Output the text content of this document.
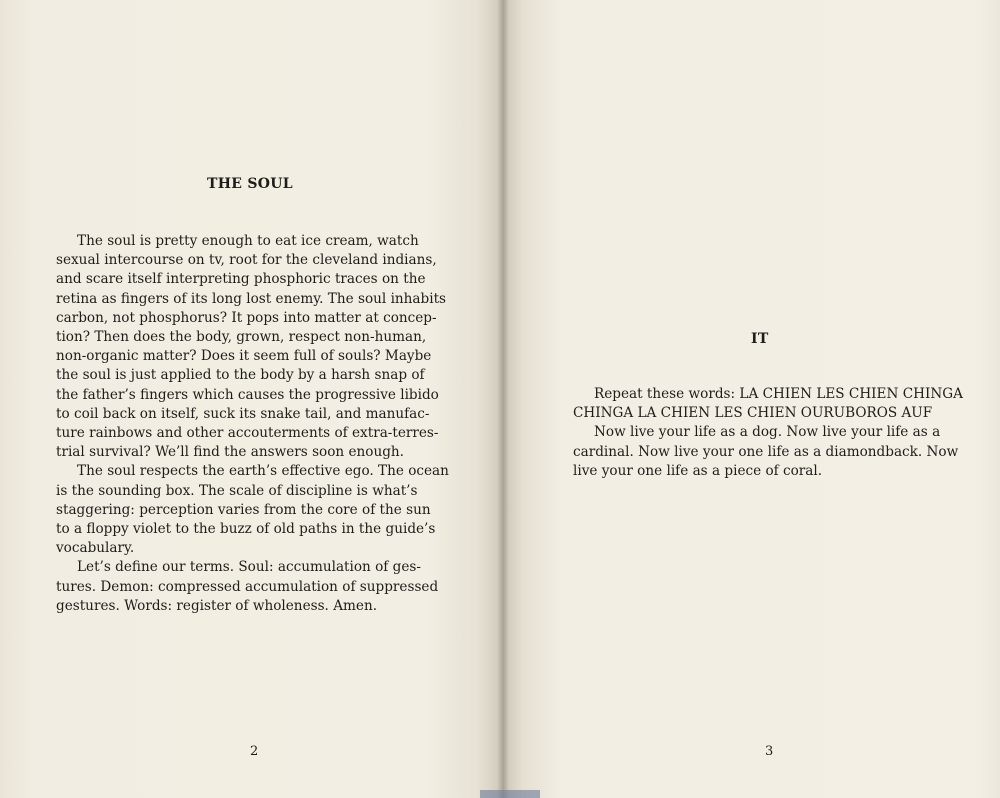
THE SOUL
The soul is pretty enough to eat ice cream, watch
sexual intercourse on tv, root for the cleveland indians,
and scare itself interpreting phosphoric traces on the
retina as fingers of its long lost enemy. The soul inhabits
carbon, not phosphorus? It pops into matter at concep-
tion? Then does the body, grown, respect non-human,
non-organic matter? Does it seem full of souls? Maybe
the soul is just applied to the body by a harsh snap of
the father’s fingers which causes the progressive libido
to coil back on itself, suck its snake tail, and manufac-
ture rainbows and other accouterments of extra-terres-
trial survival? We’ll find the answers soon enough.
The soul respects the earth’s effective ego. The ocean
is the sounding box. The scale of discipline is what’s
staggering: perception varies from the core of the sun
to a floppy violet to the buzz of old paths in the guide’s
vocabulary.
Let’s define our terms. Soul: accumulation of ges-
tures. Demon: compressed accumulation of suppressed
gestures. Words: register of wholeness. Amen.

2

IT
Repeat these words: LA CHIEN LES CHIEN CHINGA
CHINGA LA CHIEN LES CHIEN OURUBOROS AUF
Now live your life as a dog. Now live your life as a
cardinal. Now live your one life as a diamondback. Now
live your one life as a piece of coral.

3
